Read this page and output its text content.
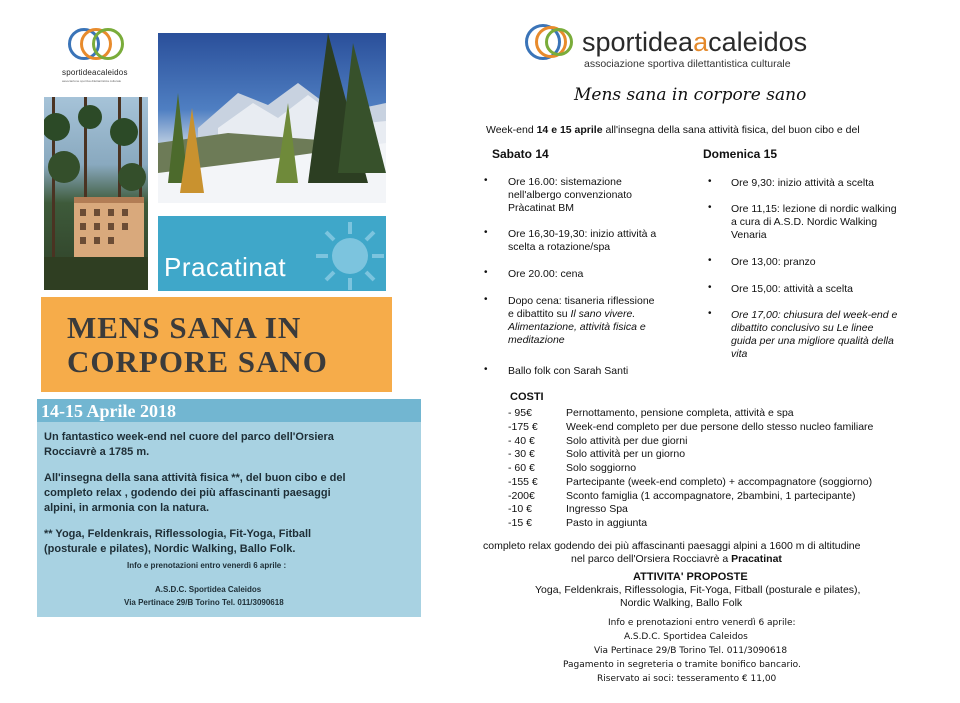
sportideacaleidos
associazione sportiva dilettantistica culturale
Pracatinat
MENS SANA IN
CORPORE SANO
14-15 Aprile 2018
Un fantastico week-end nel cuore del parco dell'Orsiera
Rocciavrè a 1785 m.
All'insegna della sana attività fisica **, del buon cibo e del
completo relax , godendo dei più affascinanti paesaggi
alpini, in armonia con la natura.
** Yoga, Feldenkrais, Riflessologia, Fit-Yoga, Fitball
(posturale e pilates), Nordic Walking, Ballo Folk.
Info e prenotazioni entro venerdì 6 aprile :
A.S.D.C. Sportidea Caleidos
Via Pertinace 29/B Torino Tel. 011/3090618
sportideaacaleidos
associazione sportiva dilettantistica culturale
Mens sana in corpore sano
Week-end 14 e 15 aprile all'insegna della sana attività fisica, del buon cibo e del
Sabato 14
• Ore 16.00: sistemazione
nell'albergo convenzionato
Pràcatinat BM
• Ore 16,30-19,30: inizio attività a
scelta a rotazione/spa
• Ore 20.00: cena
• Dopo cena: tisaneria riflessione
e dibattito su Il sano vivere.
Alimentazione, attività fisica e
meditazione
• Ballo folk con Sarah Santi
Domenica 15
• Ore 9,30: inizio attività a scelta
• Ore 11,15: lezione di nordic walking
a cura di A.S.D. Nordic Walking
Venaria
• Ore 13,00: pranzo
• Ore 15,00: attività a scelta
• Ore 17,00: chiusura del week-end e
dibattito conclusivo su Le linee
guida per una migliore qualità della
vita
COSTI
- 95€	Pernottamento, pensione completa, attività e spa
-175 €	Week-end completo per due persone dello stesso nucleo familiare
- 40 €	Solo attività per due giorni
- 30 €	Solo attività per un giorno
- 60 €	Solo soggiorno
-155 €	Partecipante (week-end completo) + accompagnatore (soggiorno)
-200€	Sconto famiglia (1 accompagnatore, 2bambini, 1 partecipante)
-10 €	Ingresso Spa
-15 €	Pasto in aggiunta
completo relax godendo dei più affascinanti paesaggi alpini a 1600 m di altitudine
nel parco dell'Orsiera Rocciavrè a Pracatinat
ATTIVITA' PROPOSTE
Yoga, Feldenkrais, Riflessologia, Fit-Yoga, Fitball (posturale e pilates),
Nordic Walking, Ballo Folk
Info e prenotazioni entro venerdì 6 aprile:
A.S.D.C. Sportidea Caleidos
Via Pertinace 29/B Torino Tel. 011/3090618
Pagamento in segreteria o tramite bonifico bancario.
Riservato ai soci: tesseramento € 11,00
